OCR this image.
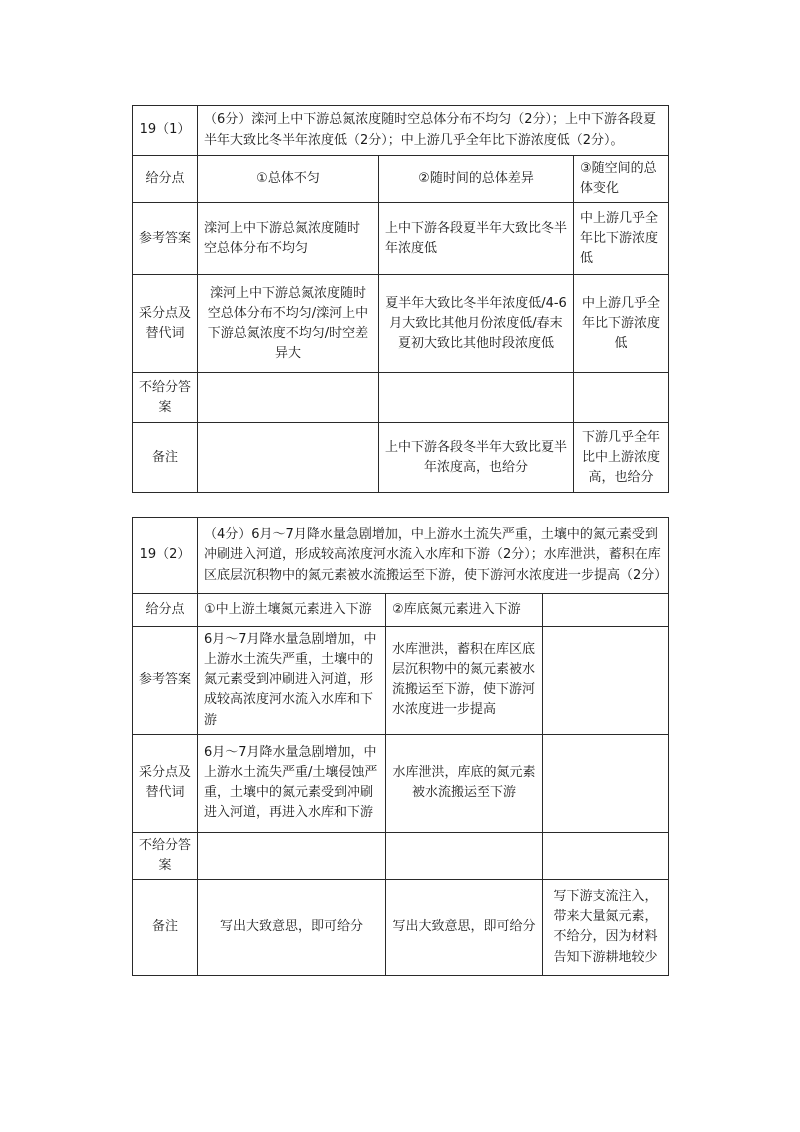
19（1）	（6分）滦河上中下游总氮浓度随时空总体分布不均匀（2分）；上中下游各段夏半年大致比冬半年浓度低（2分）；中上游几乎全年比下游浓度低（2分）。		
给分点	①总体不匀	②随时间的总体差异	③随空间的总体变化
参考答案	滦河上中下游总氮浓度随时空总体分布不均匀	上中下游各段夏半年大致比冬半年浓度低	中上游几乎全年比下游浓度低
采分点及替代词	滦河上中下游总氮浓度随时空总体分布不均匀/滦河上中下游总氮浓度不均匀/时空差异大	夏半年大致比冬半年浓度低/4-6月大致比其他月份浓度低/春末夏初大致比其他时段浓度低	中上游几乎全年比下游浓度低
不给分答案			
备注		上中下游各段冬半年大致比夏半年浓度高，也给分	下游几乎全年比中上游浓度高，也给分
19（2）	（4分）6月～7月降水量急剧增加，中上游水土流失严重，土壤中的氮元素受到冲刷进入河道，形成较高浓度河水流入水库和下游（2分）；水库泄洪，蓄积在库区底层沉积物中的氮元素被水流搬运至下游，使下游河水浓度进一步提高（2分）		
给分点	①中上游土壤氮元素进入下游	②库底氮元素进入下游	
参考答案	6月～7月降水量急剧增加，中上游水土流失严重，土壤中的氮元素受到冲刷进入河道，形成较高浓度河水流入水库和下游	水库泄洪，蓄积在库区底层沉积物中的氮元素被水流搬运至下游，使下游河水浓度进一步提高	
采分点及替代词	6月～7月降水量急剧增加，中上游水土流失严重/土壤侵蚀严重，土壤中的氮元素受到冲刷进入河道，再进入水库和下游	水库泄洪，库底的氮元素被水流搬运至下游	
不给分答案			
备注	写出大致意思，即可给分	写出大致意思，即可给分	写下游支流注入，带来大量氮元素，不给分，因为材料告知下游耕地较少
